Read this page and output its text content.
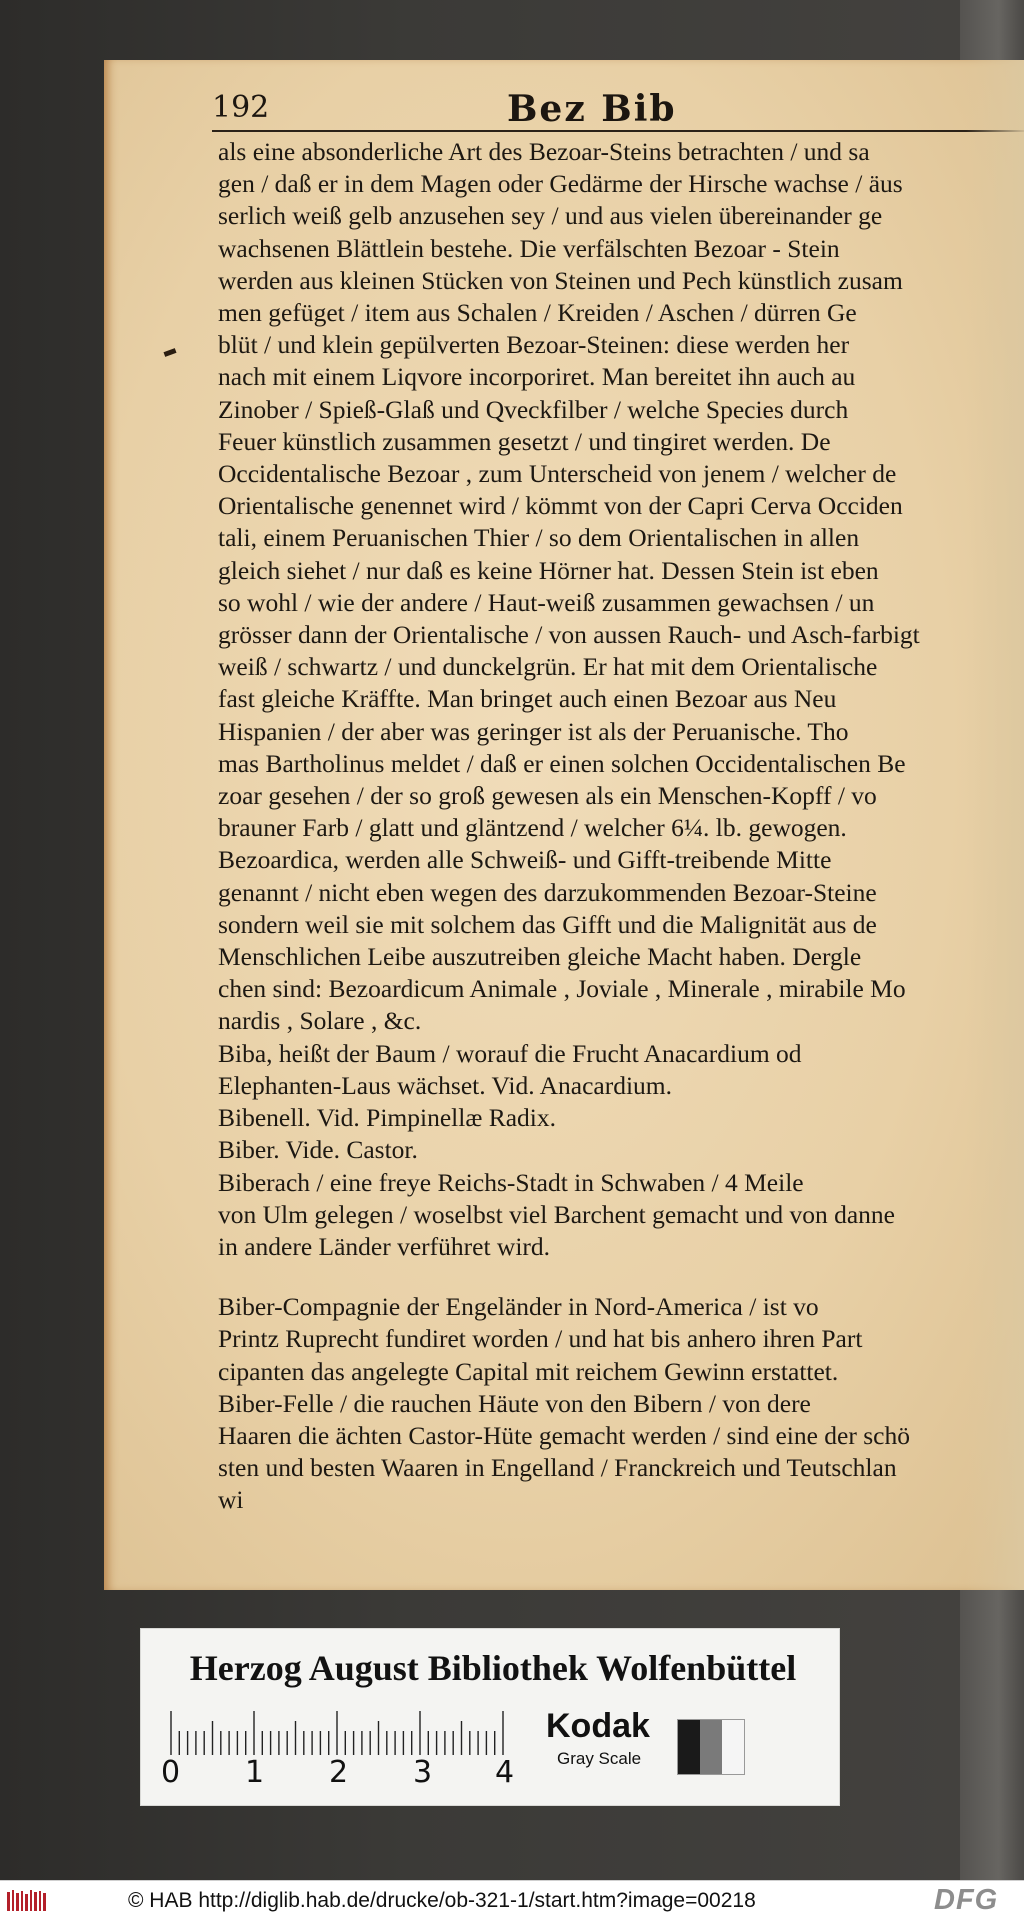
192	Bez Bib

als eine absonderliche Art des Bezoar-Steins betrachten / und sa

gen / daß er in dem Magen oder Gedärme der Hirsche wachse / äus

serlich weiß gelb anzusehen sey / und aus vielen übereinander ge

wachsenen Blättlein bestehe. Die verfälschten Bezoar - Stein

werden aus kleinen Stücken von Steinen und Pech künstlich zusam

men gefüget / item aus Schalen / Kreiden / Aschen / dürren Ge

blüt / und klein gepülverten Bezoar-Steinen: diese werden her

nach mit einem Liqvore incorporiret. Man bereitet ihn auch au

Zinober / Spieß-Glaß und Qveckfilber / welche Species durch

Feuer künstlich zusammen gesetzt / und tingiret werden. De

Occidentalische Bezoar , zum Unterscheid von jenem / welcher de

Orientalische genennet wird / kömmt von der Capri Cerva Occiden

tali, einem Peruanischen Thier / so dem Orientalischen in allen

gleich siehet / nur daß es keine Hörner hat. Dessen Stein ist eben

so wohl / wie der andere / Haut-weiß zusammen gewachsen / un

grösser dann der Orientalische / von aussen Rauch- und Asch-farbigt

weiß / schwartz / und dunckelgrün. Er hat mit dem Orientalische

fast gleiche Kräffte. Man bringet auch einen Bezoar aus Neu

Hispanien / der aber was geringer ist als der Peruanische. Tho

mas Bartholinus meldet / daß er einen solchen Occidentalischen Be

zoar gesehen / der so groß gewesen als ein Menschen-Kopff / vo

brauner Farb / glatt und gläntzend / welcher 6¼. lb. gewogen.

Bezoardica, werden alle Schweiß- und Gifft-treibende Mitte

genannt / nicht eben wegen des darzukommenden Bezoar-Steine

sondern weil sie mit solchem das Gifft und die Malignität aus de

Menschlichen Leibe auszutreiben gleiche Macht haben. Dergle

chen sind: Bezoardicum Animale , Joviale , Minerale , mirabile Mo

nardis , Solare , &c.

Biba, heißt der Baum / worauf die Frucht Anacardium od

Elephanten-Laus wächset. Vid. Anacardium.

Bibenell. Vid. Pimpinellæ Radix.

Biber. Vide. Castor.

Biberach / eine freye Reichs-Stadt in Schwaben / 4 Meile

von Ulm gelegen / woselbst viel Barchent gemacht und von danne

in andere Länder verführet wird.

Biber-Compagnie der Engeländer in Nord-America / ist vo

Printz Ruprecht fundiret worden / und hat bis anhero ihren Part

cipanten das angelegte Capital mit reichem Gewinn erstattet.

Biber-Felle / die rauchen Häute von den Bibern / von dere

Haaren die ächten Castor-Hüte gemacht werden / sind eine der schö

sten und besten Waaren in Engelland / Franckreich und Teutschlan

wi

Herzog August Bibliothek Wolfenbüttel
0 1 2 3 4
Kodak
Gray Scale
© HAB http://diglib.hab.de/drucke/ob-321-1/start.htm?image=00218	DFG
